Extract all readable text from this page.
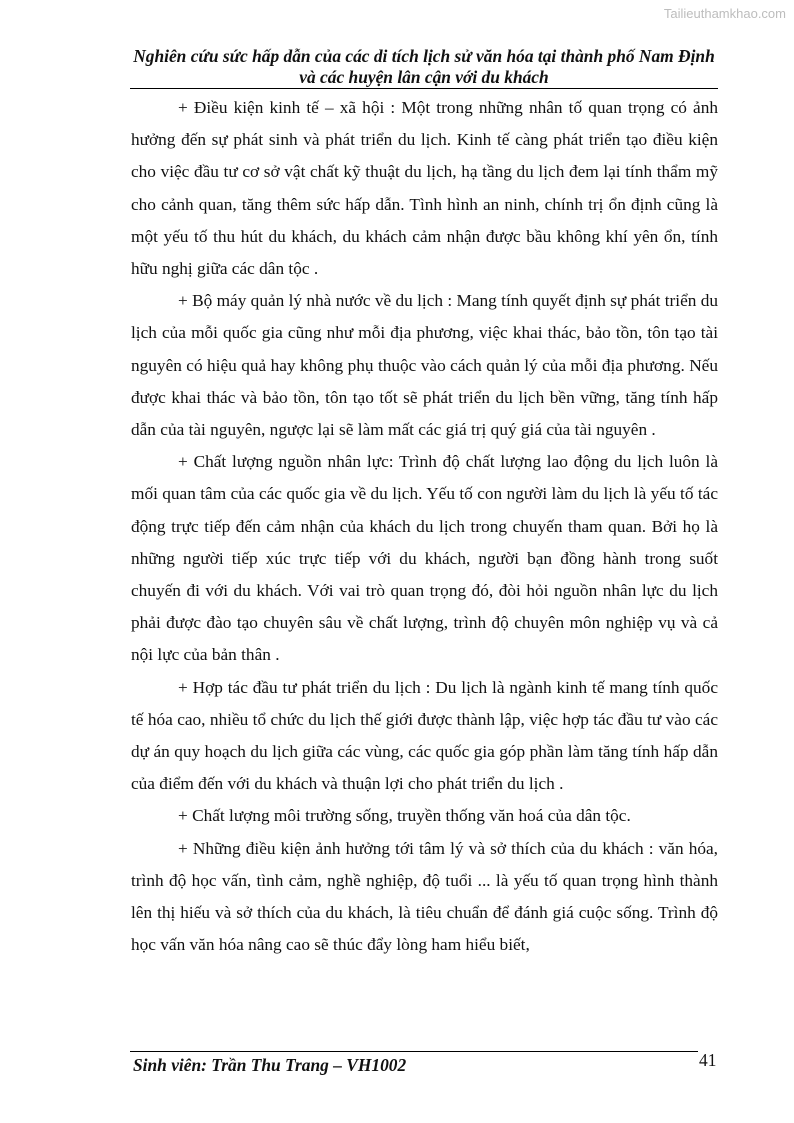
Tailieuthamkhao.com
Nghiên cứu sức hấp dẫn của các di tích lịch sử văn hóa tại thành phố Nam Định và các huyện lân cận với du khách

+ Điều kiện kinh tế – xã hội : Một trong những nhân tố quan trọng có ảnh hưởng đến sự phát sinh và phát triển du lịch. Kinh tế càng phát triển tạo điều kiện cho việc đầu tư cơ sở vật chất kỹ thuật du lịch, hạ tầng du lịch đem lại tính thẩm mỹ cho cảnh quan, tăng thêm sức hấp dẫn. Tình hình an ninh, chính trị ổn định cũng là một yếu tố thu hút du khách, du khách cảm nhận được bầu không khí yên ổn, tính hữu nghị giữa các dân tộc .

+ Bộ máy quản lý nhà nước về du lịch : Mang tính quyết định sự phát triển du lịch của mỗi quốc gia cũng như mỗi địa phương, việc khai thác, bảo tồn, tôn tạo tài nguyên có hiệu quả hay không phụ thuộc vào cách quản lý của mỗi địa phương. Nếu được khai thác và bảo tồn, tôn tạo tốt sẽ phát triển du lịch bền vững, tăng tính hấp dẫn của tài nguyên, ngược lại sẽ làm mất các giá trị quý giá của tài nguyên .

+ Chất lượng nguồn nhân lực: Trình độ chất lượng lao động du lịch luôn là mối quan tâm của các quốc gia về du lịch. Yếu tố con người làm du lịch là yếu tố tác động trực tiếp đến cảm nhận của khách du lịch trong chuyến tham quan. Bởi họ là những người tiếp xúc trực tiếp với du khách, người bạn đồng hành trong suốt chuyến đi với du khách. Với vai trò quan trọng đó, đòi hỏi nguồn nhân lực du lịch phải được đào tạo chuyên sâu về chất lượng, trình độ chuyên môn nghiệp vụ và cả nội lực của bản thân .

+ Hợp tác đầu tư phát triển du lịch : Du lịch là ngành kinh tế mang tính quốc tế hóa cao, nhiều tổ chức du lịch thế giới được thành lập, việc hợp tác đầu tư vào các dự án quy hoạch du lịch giữa các vùng, các quốc gia góp phần làm tăng tính hấp dẫn của điểm đến với du khách và thuận lợi cho phát triển du lịch .

+ Chất lượng môi trường sống, truyền thống văn hoá của dân tộc.

+ Những điều kiện ảnh hưởng tới tâm lý và sở thích của du khách : văn hóa, trình độ học vấn, tình cảm, nghề nghiệp, độ tuổi ... là yếu tố quan trọng hình thành lên thị hiếu và sở thích của du khách, là tiêu chuẩn để đánh giá cuộc sống. Trình độ học vấn văn hóa nâng cao sẽ thúc đẩy lòng ham hiểu biết,

Sinh viên: Trần Thu Trang – VH1002	41
